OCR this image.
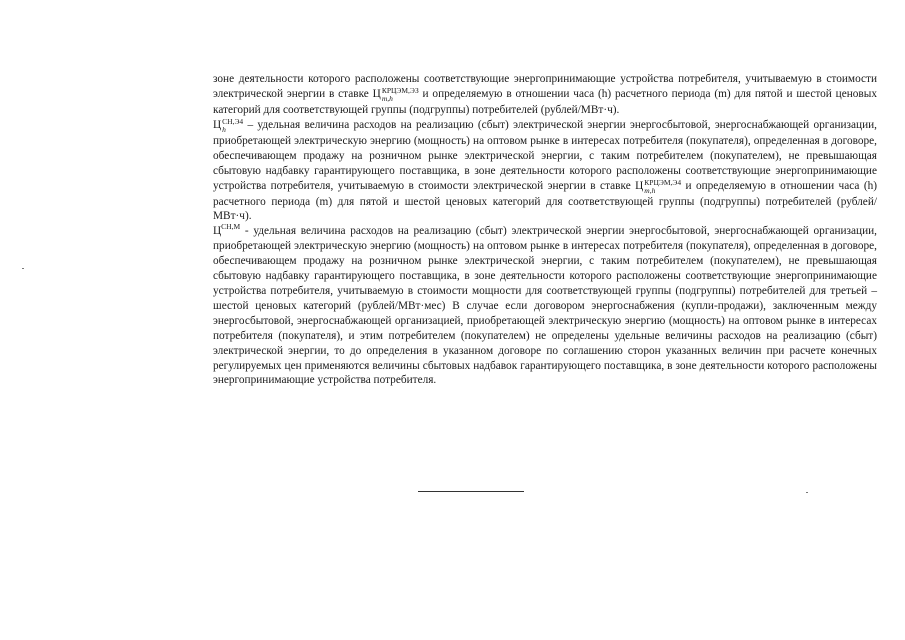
зоне деятельности которого расположены соответствующие энергопринимающие устройства потребителя, учитываемую в стоимости электрической энергии в ставке Ц КРЦЭМ,ЭЗ
m,h	и определяемую в отношении часа (h) расчетного периода (m) для пятой и шестой ценовых категорий для соответствующей группы (подгруппы) потребителей (рублей/МВт·ч).

Ц СН,Э4
h	– удельная величина расходов на реализацию (сбыт) электрической энергии энергосбытовой, энергоснабжающей организации, приобретающей электрическую энергию (мощность) на оптовом рынке в интересах потребителя (покупателя), определенная в договоре, обеспечивающем продажу на розничном рынке электрической энергии, с таким потребителем (покупателем), не превышающая сбытовую надбавку гарантирующего поставщика, в зоне деятельности которого расположены соответствующие энергопринимающие устройства потребителя, учитываемую в стоимости электрической энергии в ставке Ц КРЦЭМ,Э4
m,h	и определяемую в отношении часа (h) расчетного периода (m) для пятой и шестой ценовых категорий для соответствующей группы (подгруппы) потребителей (рублей/МВт·ч).

$Ц^{СН,М}$ - удельная величина расходов на реализацию (сбыт) электрической энергии энергосбытовой, энергоснабжающей организации, приобретающей электрическую энергию (мощность) на оптовом рынке в интересах потребителя (покупателя), определенная в договоре, обеспечивающем продажу на розничном рынке электрической энергии, с таким потребителем (покупателем), не превышающая сбытовую надбавку гарантирующего поставщика, в зоне деятельности которого расположены соответствующие энергопринимающие устройства потребителя, учитываемую в стоимости мощности для соответствующей группы (подгруппы) потребителей для третьей – шестой ценовых категорий (рублей/МВт·мес) В случае если договором энергоснабжения (купли-продажи), заключенным между энергосбытовой, энергоснабжающей организацией, приобретающей электрическую энергию (мощность) на оптовом рынке в интересах потребителя (покупателя), и этим потребителем (покупателем) не определены удельные величины расходов на реализацию (сбыт) электрической энергии, то до определения в указанном договоре по соглашению сторон указанных величин при расчете конечных регулируемых цен применяются величины сбытовых надбавок гарантирующего поставщика, в зоне деятельности которого расположены энергопринимающие устройства потребителя.
